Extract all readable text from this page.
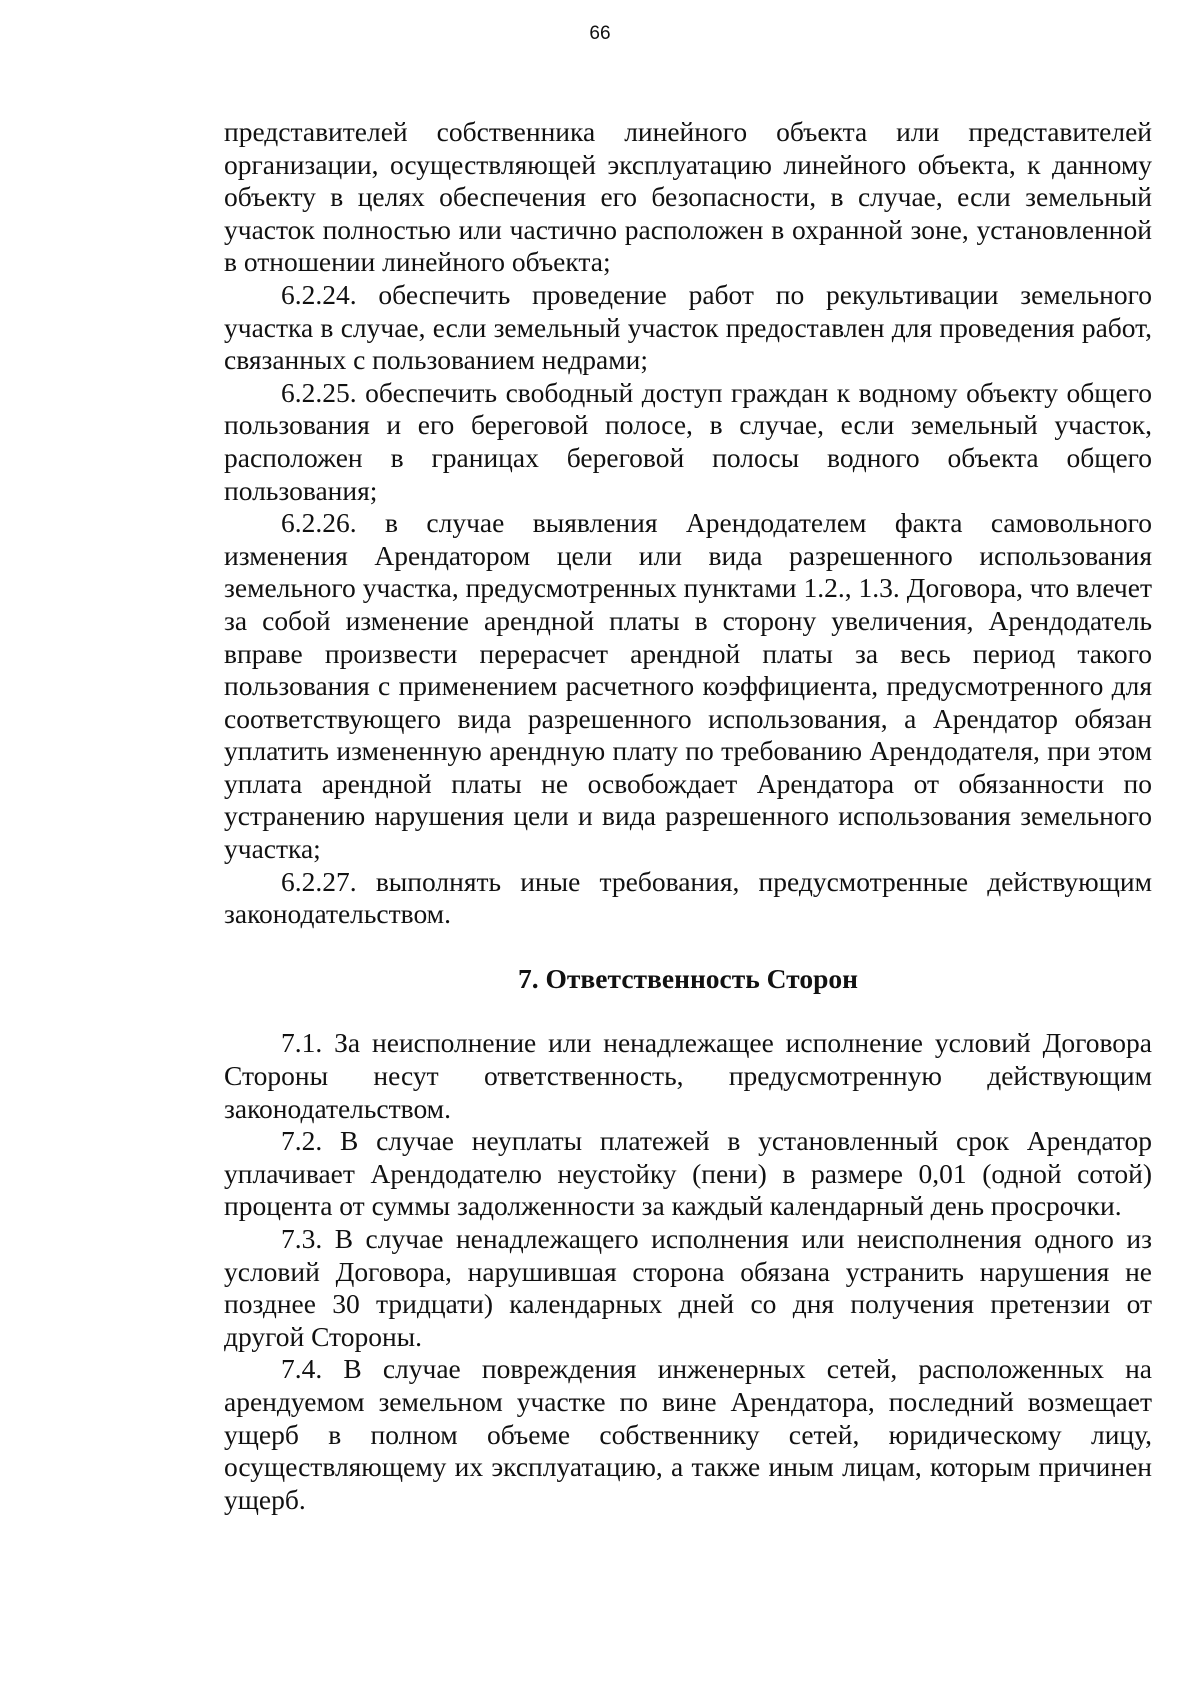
66

представителей собственника линейного объекта или представителей организации, осуществляющей эксплуатацию линейного объекта, к данному объекту в целях обеспечения его безопасности, в случае, если земельный участок полностью или частично расположен в охранной зоне, установленной в отношении линейного объекта;

6.2.24. обеспечить проведение работ по рекультивации земельного участка в случае, если земельный участок предоставлен для проведения работ, связанных с пользованием недрами;

6.2.25. обеспечить свободный доступ граждан к водному объекту общего пользования и его береговой полосе, в случае, если земельный участок, расположен в границах береговой полосы водного объекта общего пользования;

6.2.26. в случае выявления Арендодателем факта самовольного изменения Арендатором цели или вида разрешенного использования земельного участка, предусмотренных пунктами 1.2., 1.3. Договора, что влечет за собой изменение арендной платы в сторону увеличения, Арендодатель вправе произвести перерасчет арендной платы за весь период такого пользования с применением расчетного коэффициента, предусмотренного для соответствующего вида разрешенного использования, а Арендатор обязан уплатить измененную арендную плату по требованию Арендодателя, при этом уплата арендной платы не освобождает Арендатора от обязанности по устранению нарушения цели и вида разрешенного использования земельного участка;

6.2.27. выполнять иные требования, предусмотренные действующим законодательством.

7. Ответственность Сторон

7.1. За неисполнение или ненадлежащее исполнение условий Договора Стороны несут ответственность, предусмотренную действующим законодательством.

7.2. В случае неуплаты платежей в установленный срок Арендатор уплачивает Арендодателю неустойку (пени) в размере 0,01 (одной сотой) процента от суммы задолженности за каждый календарный день просрочки.

7.3. В случае ненадлежащего исполнения или неисполнения одного из условий Договора, нарушившая сторона обязана устранить нарушения не позднее 30 тридцати) календарных дней со дня получения претензии от другой Стороны.

7.4. В случае повреждения инженерных сетей, расположенных на арендуемом земельном участке по вине Арендатора, последний возмещает ущерб в полном объеме собственнику сетей, юридическому лицу, осуществляющему их эксплуатацию, а также иным лицам, которым причинен ущерб.
